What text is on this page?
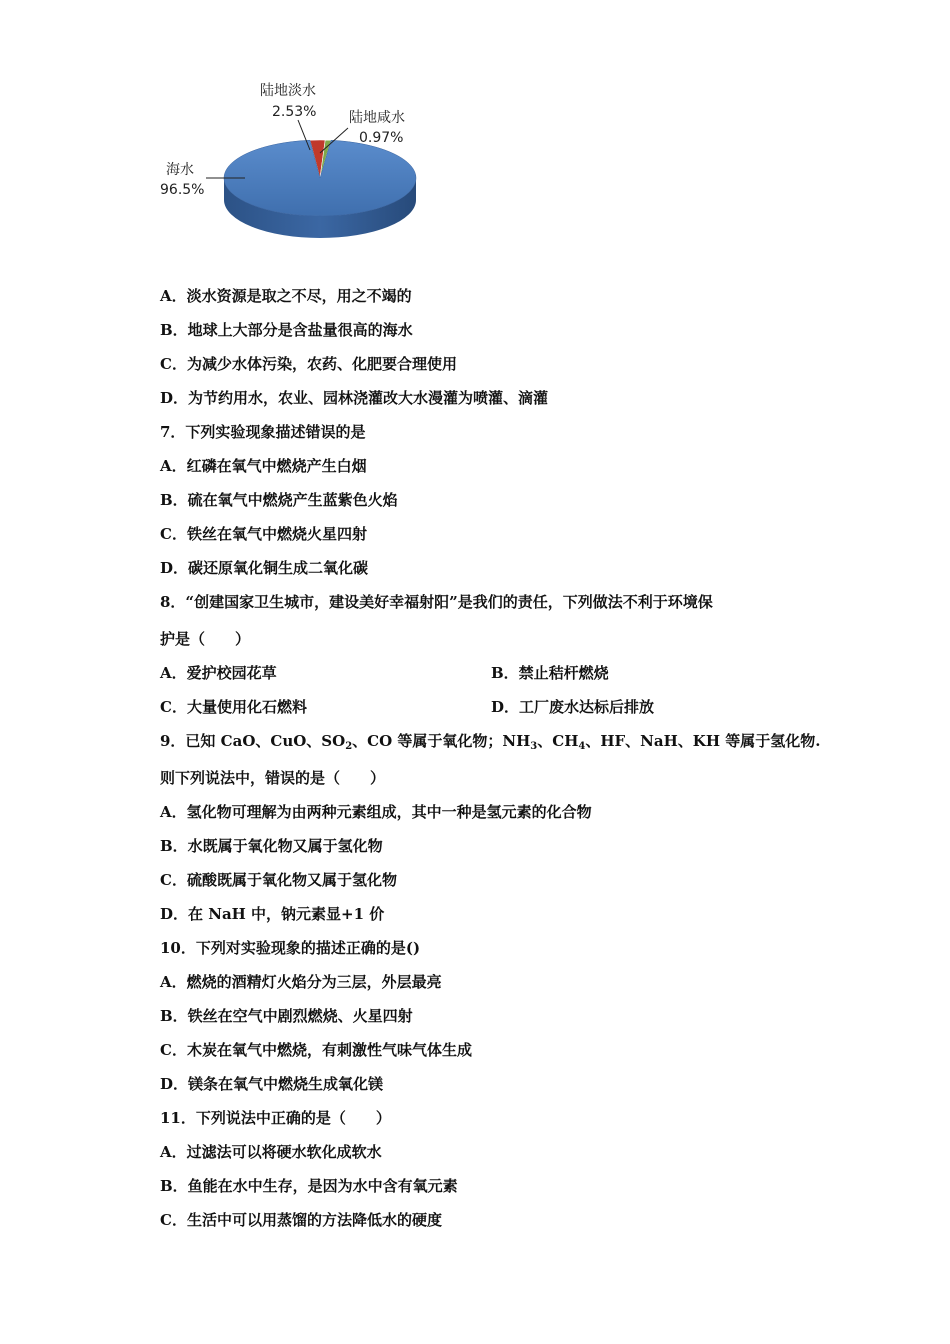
陆地淡水
2.53% 陆地咸水
0.97%
海水
96.5%
A．淡水资源是取之不尽，用之不竭的
B．地球上大部分是含盐量很高的海水
C．为减少水体污染，农药、化肥要合理使用
D．为节约用水，农业、园林浇灌改大水漫灌为喷灌、滴灌
7．下列实验现象描述错误的是
A．红磷在氧气中燃烧产生白烟
B．硫在氧气中燃烧产生蓝紫色火焰
C．铁丝在氧气中燃烧火星四射
D．碳还原氧化铜生成二氧化碳
8．“创建国家卫生城市，建设美好幸福射阳”是我们的责任，下列做法不利于环境保
护是（　　）
A．爱护校园花草	B．禁止秸杆燃烧
C．大量使用化石燃料	D．工厂废水达标后排放
9．已知 CaO、CuO、$SO_2$、CO 等属于氧化物；$NH_3$、$CH_4$、HF、NaH、KH 等属于氢化物.
则下列说法中，错误的是（　　）
A．氢化物可理解为由两种元素组成，其中一种是氢元素的化合物
B．水既属于氧化物又属于氢化物
C．硫酸既属于氧化物又属于氢化物
D．在 NaH 中，钠元素显+1 价
10．下列对实验现象的描述正确的是()
A．燃烧的酒精灯火焰分为三层，外层最亮
B．铁丝在空气中剧烈燃烧、火星四射
C．木炭在氧气中燃烧，有刺激性气味气体生成
D．镁条在氧气中燃烧生成氧化镁
11．下列说法中正确的是（　　）
A．过滤法可以将硬水软化成软水
B．鱼能在水中生存，是因为水中含有氧元素
C．生活中可以用蒸馏的方法降低水的硬度
